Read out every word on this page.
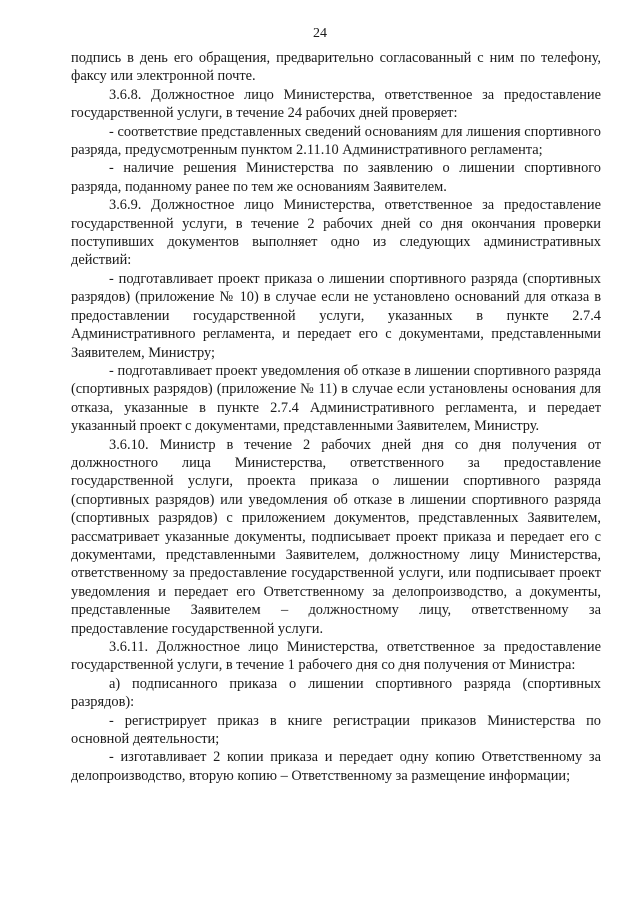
24

подпись в день его обращения, предварительно согласованный с ним по телефону, факсу или электронной почте.

3.6.8. Должностное лицо Министерства, ответственное за предоставление государственной услуги, в течение 24 рабочих дней проверяет:

- соответствие представленных сведений основаниям для лишения спортивного разряда, предусмотренным пунктом 2.11.10 Административного регламента;

- наличие решения Министерства по заявлению о лишении спортивного разряда, поданному ранее по тем же основаниям Заявителем.

3.6.9. Должностное лицо Министерства, ответственное за предоставление государственной услуги, в течение 2 рабочих дней со дня окончания проверки поступивших документов выполняет одно из следующих административных действий:

- подготавливает проект приказа о лишении спортивного разряда (спортивных разрядов) (приложение № 10) в случае если не установлено оснований для отказа в предоставлении государственной услуги, указанных в пункте 2.7.4 Административного регламента, и передает его с документами, представленными Заявителем, Министру;

- подготавливает проект уведомления об отказе в лишении спортивного разряда (спортивных разрядов) (приложение № 11) в случае если установлены основания для отказа, указанные в пункте 2.7.4 Административного регламента, и передает указанный проект с документами, представленными Заявителем, Министру.

3.6.10. Министр в течение 2 рабочих дней дня со дня получения от должностного лица Министерства, ответственного за предоставление государственной услуги, проекта приказа о лишении спортивного разряда (спортивных разрядов) или уведомления об отказе в лишении спортивного разряда (спортивных разрядов) с приложением документов, представленных Заявителем, рассматривает указанные документы, подписывает проект приказа и передает его с документами, представленными Заявителем, должностному лицу Министерства, ответственному за предоставление государственной услуги, или подписывает проект уведомления и передает его Ответственному за делопроизводство, а документы, представленные Заявителем – должностному лицу, ответственному за предоставление государственной услуги.

3.6.11. Должностное лицо Министерства, ответственное за предоставление государственной услуги, в течение 1 рабочего дня со дня получения от Министра:

а) подписанного приказа о лишении спортивного разряда (спортивных разрядов):

- регистрирует приказ в книге регистрации приказов Министерства по основной деятельности;

- изготавливает 2 копии приказа и передает одну копию Ответственному за делопроизводство, вторую копию – Ответственному за размещение информации;
